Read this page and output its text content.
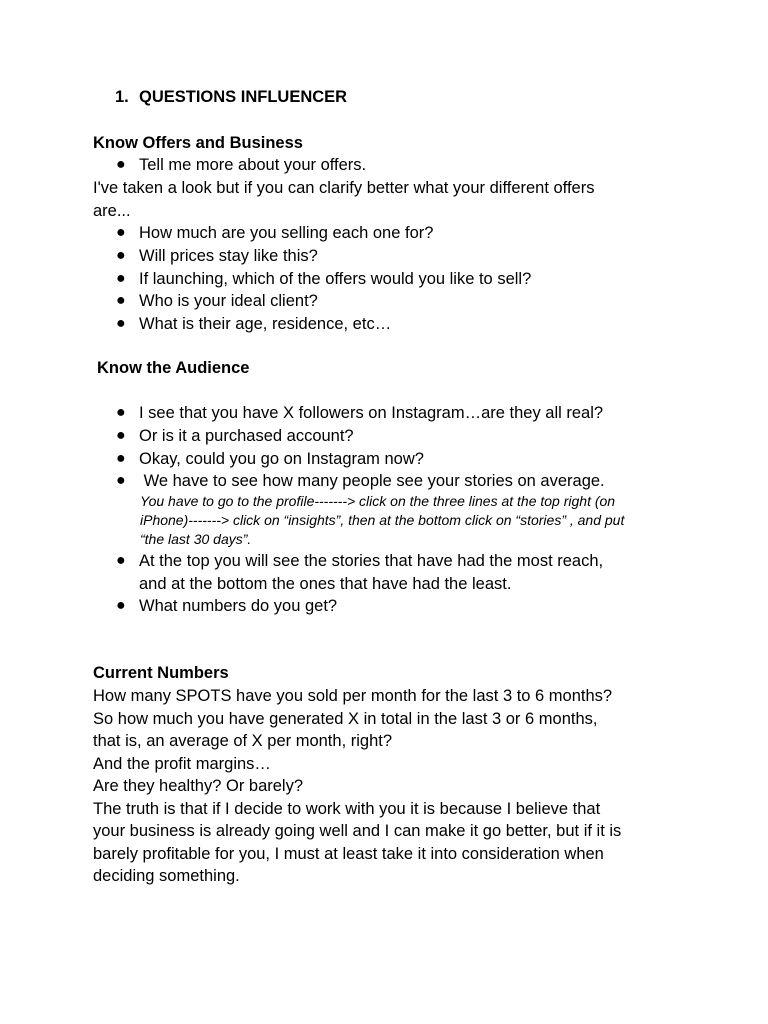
1. QUESTIONS INFLUENCER
Know Offers and Business
● Tell me more about your offers.
I've taken a look but if you can clarify better what your different offers
are...
● How much are you selling each one for?
● Will prices stay like this?
● If launching, which of the offers would you like to sell?
● Who is your ideal client?
● What is their age, residence, etc…
Know the Audience
● I see that you have X followers on Instagram…are they all real?
● Or is it a purchased account?
● Okay, could you go on Instagram now?
● We have to see how many people see your stories on average.
You have to go to the profile-------> click on the three lines at the top right (on
iPhone)-------> click on “insights”, then at the bottom click on “stories” , and put
“the last 30 days”.
● At the top you will see the stories that have had the most reach,
and at the bottom the ones that have had the least.
● What numbers do you get?
Current Numbers
How many SPOTS have you sold per month for the last 3 to 6 months?
So how much you have generated X in total in the last 3 or 6 months,
that is, an average of X per month, right?
And the profit margins…
Are they healthy? Or barely?
The truth is that if I decide to work with you it is because I believe that
your business is already going well and I can make it go better, but if it is
barely profitable for you, I must at least take it into consideration when
deciding something.
